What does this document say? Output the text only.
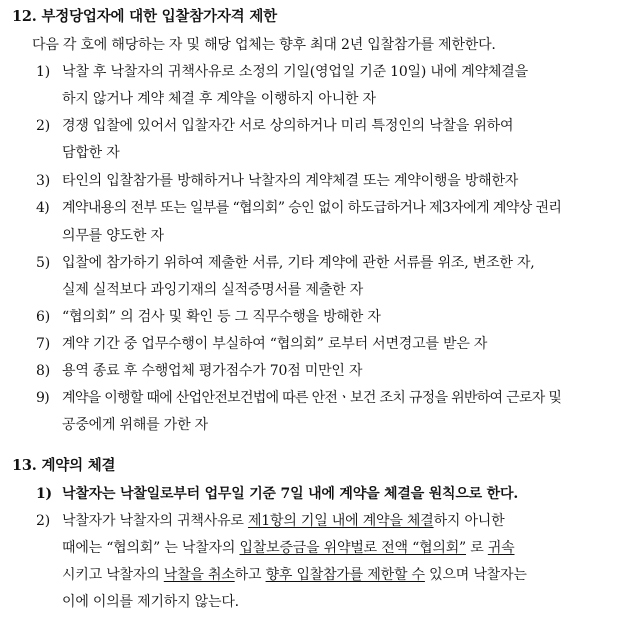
12. 부정당업자에 대한 입찰참가자격 제한
다음 각 호에 해당하는 자 및 해당 업체는 향후 최대 2년 입찰참가를 제한한다.
1) 낙찰 후 낙찰자의 귀책사유로 소정의 기일(영업일 기준 10일) 내에 계약체결을
하지 않거나 계약 체결 후 계약을 이행하지 아니한 자
2) 경쟁 입찰에 있어서 입찰자간 서로 상의하거나 미리 특정인의 낙찰을 위하여
담합한 자
3) 타인의 입찰참가를 방해하거나 낙찰자의 계약체결 또는 계약이행을 방해한자
4) 계약내용의 전부 또는 일부를 “협의회” 승인 없이 하도급하거나 제3자에게 계약상 권리
의무를 양도한 자
5) 입찰에 참가하기 위하여 제출한 서류, 기타 계약에 관한 서류를 위조, 변조한 자,
실제 실적보다 과잉기재의 실적증명서를 제출한 자
6) “협의회” 의 검사 및 확인 등 그 직무수행을 방해한 자
7) 계약 기간 중 업무수행이 부실하여 “협의회” 로부터 서면경고를 받은 자
8) 용역 종료 후 수행업체 평가점수가 70점 미만인 자
9) 계약을 이행할 때에 산업안전보건법에 따른 안전ㆍ보건 조치 규정을 위반하여 근로자 및
공중에게 위해를 가한 자
13. 계약의 체결
1) 낙찰자는 낙찰일로부터 업무일 기준 7일 내에 계약을 체결을 원칙으로 한다.
2) 낙찰자가 낙찰자의 귀책사유로 제1항의 기일 내에 계약을 체결하지 아니한
때에는 “협의회” 는 낙찰자의 입찰보증금을 위약벌로 전액 “협의회” 로 귀속
시키고 낙찰자의 낙찰을 취소하고 향후 입찰참가를 제한할 수 있으며 낙찰자는
이에 이의를 제기하지 않는다.
